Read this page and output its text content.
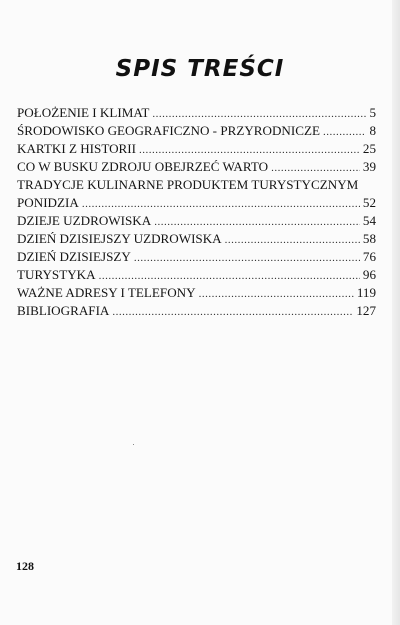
SPIS TREŚCI
POŁOŻENIE I KLIMAT .....	5
ŚRODOWISKO GEOGRAFICZNO - PRZYRODNICZE .....	8
KARTKI Z HISTORII .....	25
CO W BUSKU ZDROJU OBEJRZEĆ WARTO .....	39
TRADYCJE KULINARNE PRODUKTEM TURYSTYCZNYM
PONIDZIA .....	52
DZIEJE UZDROWISKA .....	54
DZIEŃ DZISIEJSZY UZDROWISKA .....	58
DZIEŃ DZISIEJSZY .....	76
TURYSTYKA .....	96
WAŻNE ADRESY I TELEFONY .....	119
BIBLIOGRAFIA .....	127
128
